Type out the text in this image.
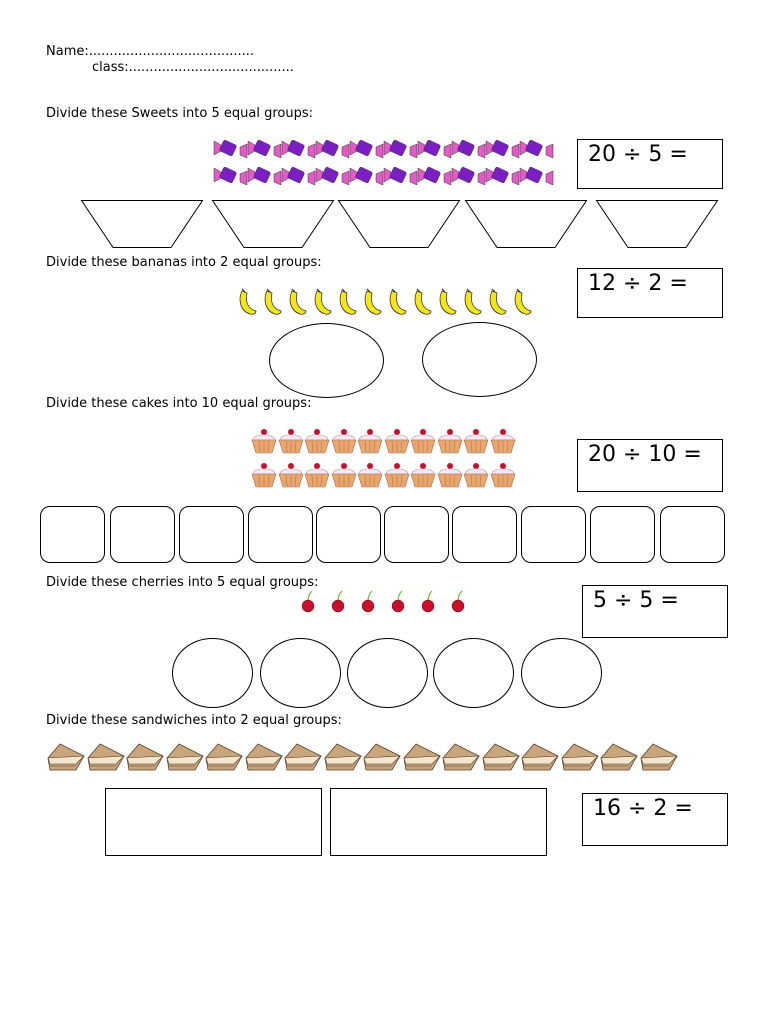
Name:........................................
class:........................................
Divide these Sweets into 5 equal groups:
20 ÷ 5 =
Divide these bananas into 2 equal groups:
12 ÷ 2 =
Divide these cakes into 10 equal groups:
20 ÷ 10 =
Divide these cherries into 5 equal groups:
5 ÷ 5 =
Divide these sandwiches into 2 equal groups:
16 ÷ 2 =
